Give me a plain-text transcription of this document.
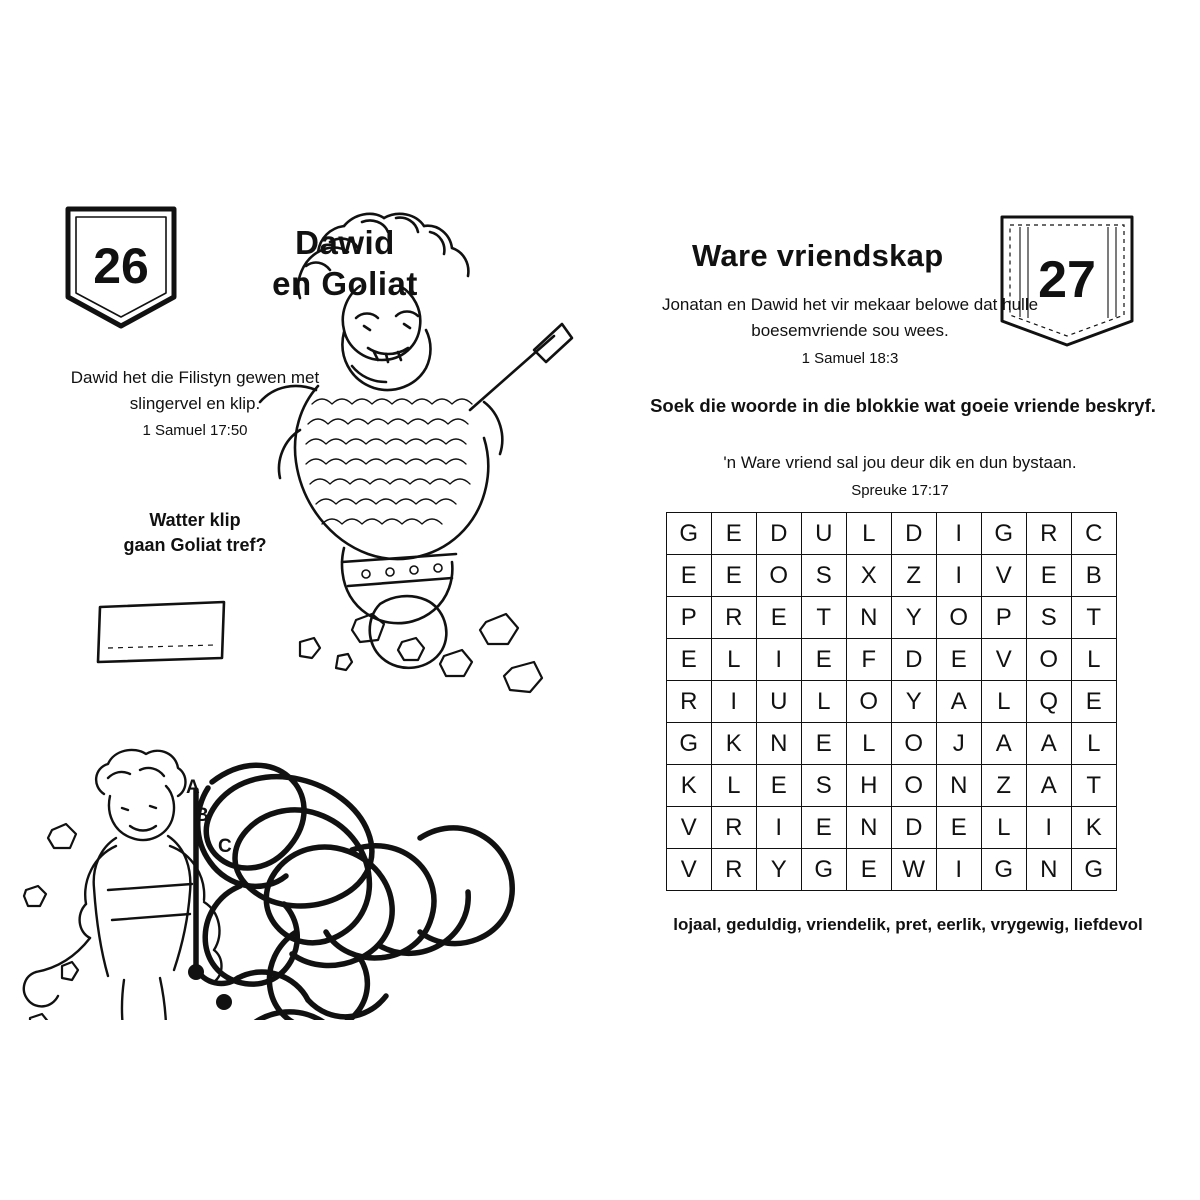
26	Dawid
en Goliat
Dawid het die Filistyn gewen met slingervel en klip.
1 Samuel 17:50
Watter klip
gaan Goliat tref?
A
B
C
Ware vriendskap	27
Jonatan en Dawid het vir mekaar belowe dat hulle boesemvriende sou wees.
1 Samuel 18:3
Soek die woorde in die blokkie wat goeie vriende beskryf.
'n Ware vriend sal jou deur dik en dun bystaan.
Spreuke 17:17
G	E	D	U	L	D	I	G	R	C
E	E	O	S	X	Z	I	V	E	B
P	R	E	T	N	Y	O	P	S	T
E	L	I	E	F	D	E	V	O	L
R	I	U	L	O	Y	A	L	Q	E
G	K	N	E	L	O	J	A	A	L
K	L	E	S	H	O	N	Z	A	T
V	R	I	E	N	D	E	L	I	K
V	R	Y	G	E	W	I	G	N	G
lojaal, geduldig, vriendelik, pret, eerlik, vrygewig, liefdevol
